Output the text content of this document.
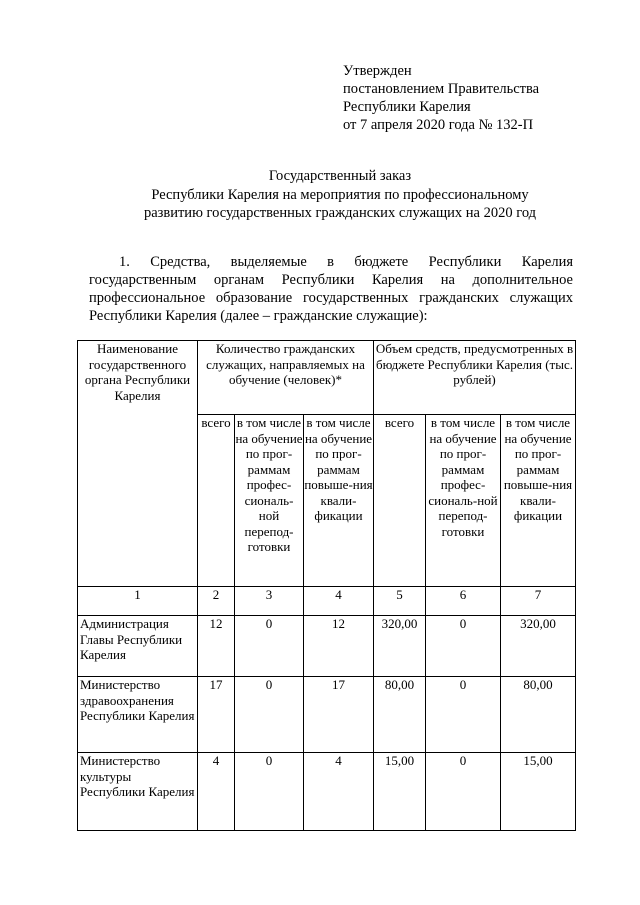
Утвержден
постановлением Правительства
Республики Карелия
от 7 апреля 2020 года № 132-П
Государственный заказ
Республики Карелия на мероприятия по профессиональному
развитию государственных гражданских служащих на 2020 год
1. Средства, выделяемые в бюджете Республики Карелия государственным органам Республики Карелия на дополнительное профессиональное образование государственных гражданских служащих Республики Карелия (далее – гражданские служащие):
Наименование государственного органа Республики Карелия	Количество гражданских служащих, направляемых на обучение (человек)*			Объем средств, предусмотренных в бюджете Республики Карелия (тыс. рублей)		

	всего	в том числе на обучение по прог-раммам профес-сиональ-ной перепод-готовки	в том числе на обучение по прог-раммам повыше-ния квали-фикации	всего	в том числе на обучение по прог-раммам профес-сиональ-ной перепод-готовки	в том числе на обучение по прог-раммам повыше-ния квали-фикации
1	2	3	4	5	6	7
Администрация Главы Республики Карелия	12	0	12	320,00	0	320,00
Министерство здравоохранения Республики Карелия	17	0	17	80,00	0	80,00
Министерство культуры Республики Карелия	4	0	4	15,00	0	15,00
